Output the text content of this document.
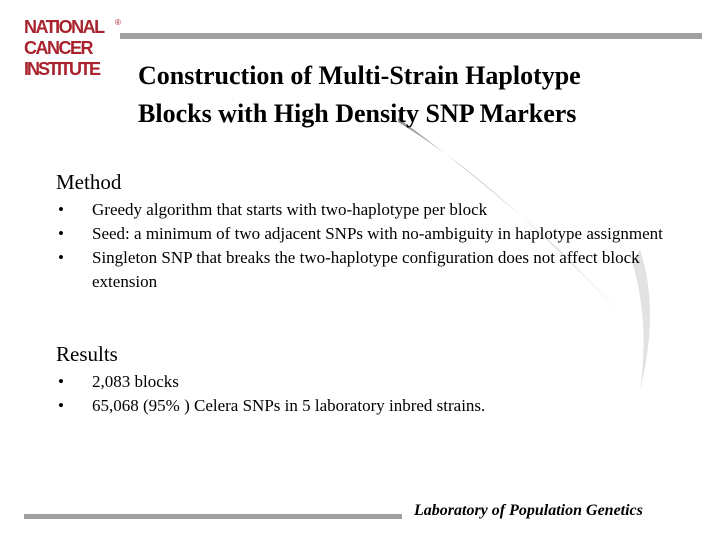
NATIONAL
CANCER
INSTITUTE
®
Construction of Multi-Strain Haplotype
Blocks with High Density SNP Markers
Method
• Greedy algorithm that starts with two-haplotype per block
• Seed: a minimum of two adjacent SNPs with no-ambiguity in haplotype assignment
• Singleton SNP that breaks the two-haplotype configuration does not affect block extension
Results
• 2,083 blocks
• 65,068 (95% ) Celera SNPs in 5 laboratory inbred strains.

Laboratory of Population Genetics
